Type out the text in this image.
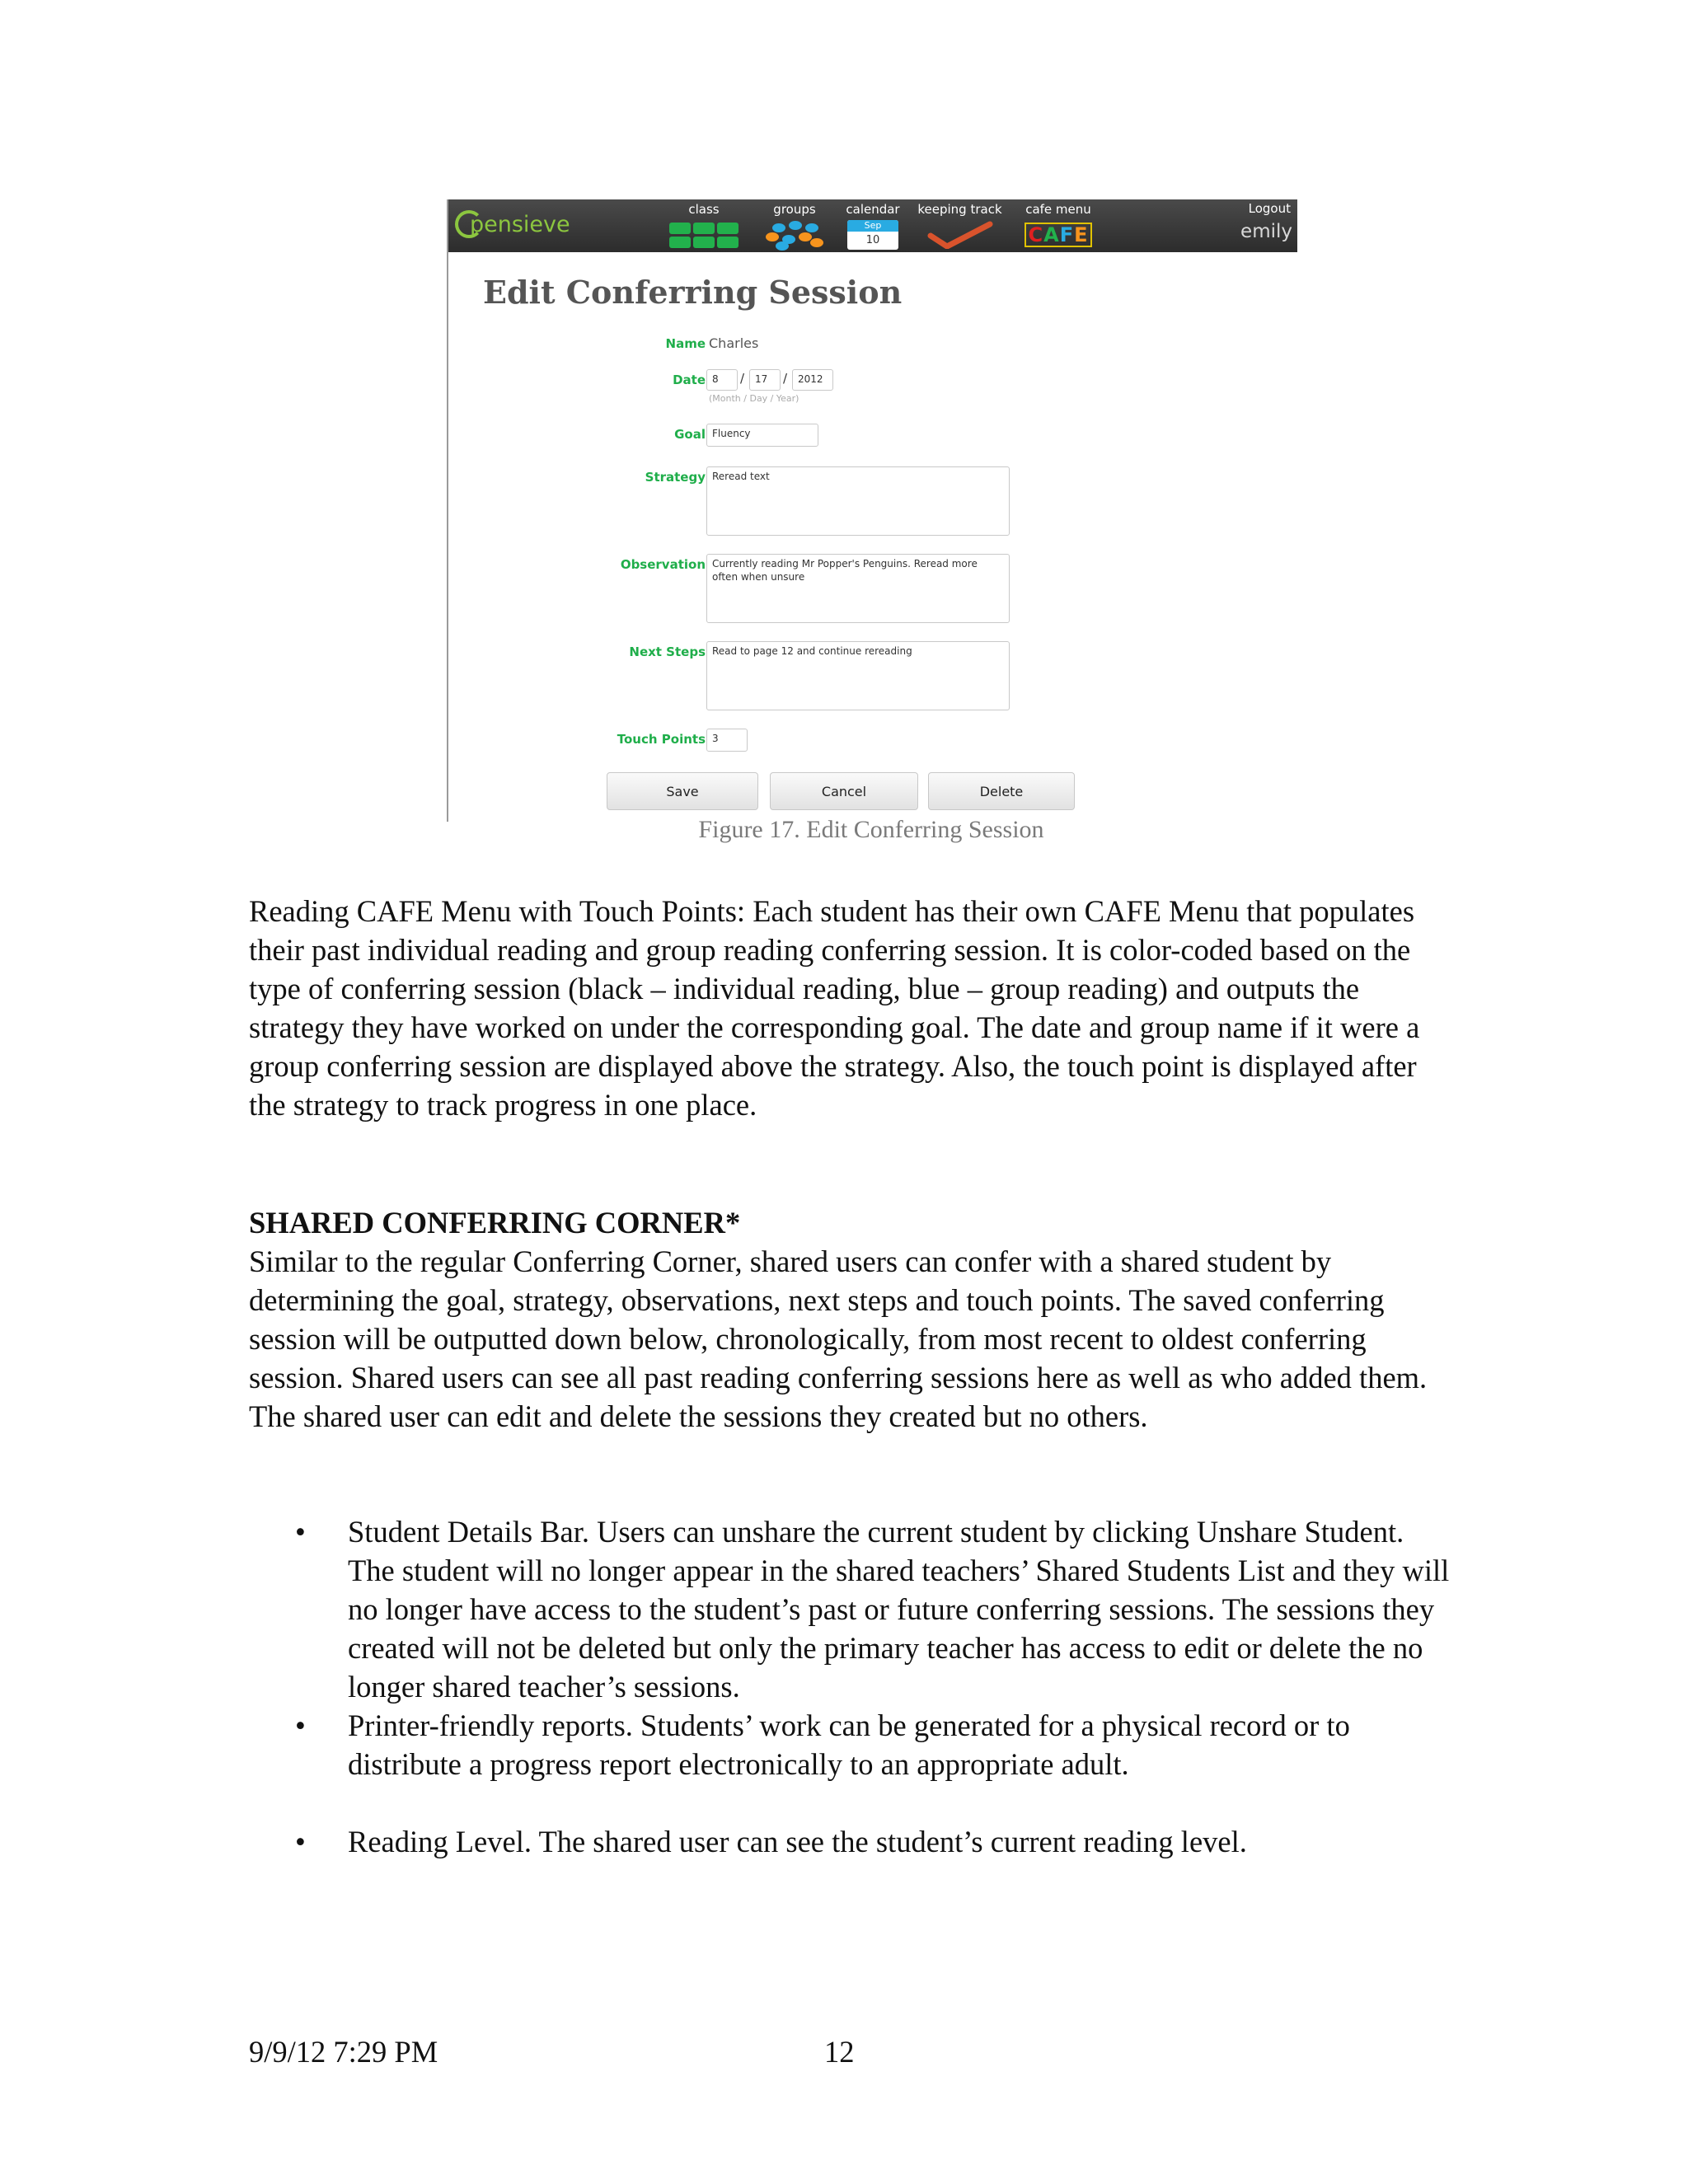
pensieve
class	groups	calendar
Sep
10
keeping track	cafe menu
C A F E
Logout
emily
Edit Conferring Session
Name Charles
Date 8	/	17	/	2012
(Month / Day / Year)
Goal Fluency
Strategy Reread text
Observation Currently reading Mr Popper's Penguins. Reread more often when unsure
Next Steps Read to page 12 and continue rereading
Touch Points 3
Save	Cancel	Delete
Figure 17. Edit Conferring Session

Reading CAFE Menu with Touch Points: Each student has their own CAFE Menu that populates their past individual reading and group reading conferring session. It is color-coded based on the type of conferring session (black – individual reading, blue – group reading) and outputs the strategy they have worked on under the corresponding goal. The date and group name if it were a group conferring session are displayed above the strategy. Also, the touch point is displayed after the strategy to track progress in one place.

SHARED CONFERRING CORNER*

Similar to the regular Conferring Corner, shared users can confer with a shared student by determining the goal, strategy, observations, next steps and touch points. The saved conferring session will be outputted down below, chronologically, from most recent to oldest conferring session. Shared users can see all past reading conferring sessions here as well as who added them. The shared user can edit and delete the sessions they created but no others.

• Student Details Bar. Users can unshare the current student by clicking Unshare Student. The student will no longer appear in the shared teachers’ Shared Students List and they will no longer have access to the student’s past or future conferring sessions. The sessions they created will not be deleted but only the primary teacher has access to edit or delete the no longer shared teacher’s sessions.
• Printer-friendly reports. Students’ work can be generated for a physical record or to distribute a progress report electronically to an appropriate adult.
• Reading Level. The shared user can see the student’s current reading level.
9/9/12 7:29 PM	12
